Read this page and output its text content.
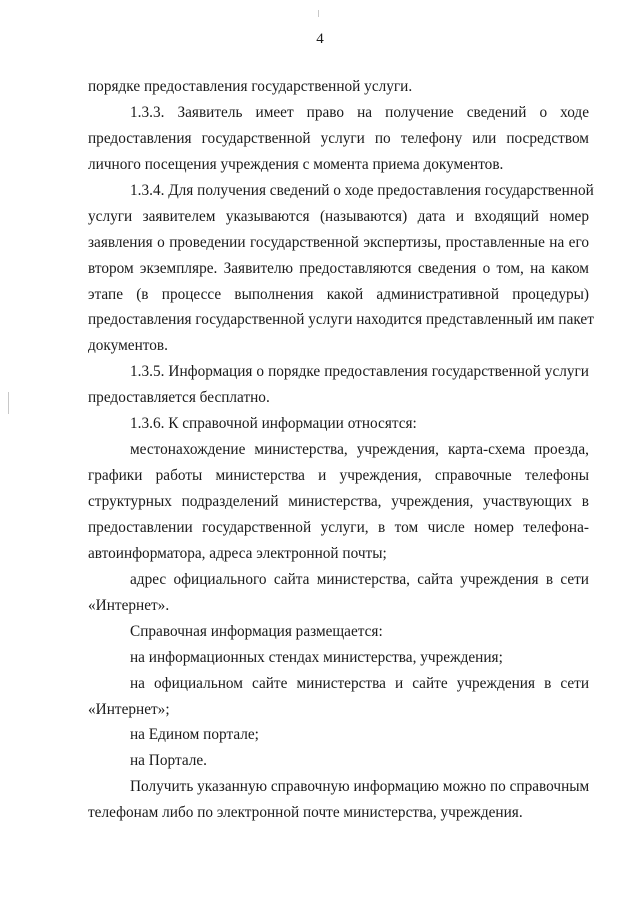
4
порядке предоставления государственной услуги.
1.3.3. Заявитель имеет право на получение сведений о ходе
предоставления государственной услуги по телефону или посредством
личного посещения учреждения с момента приема документов.
1.3.4. Для получения сведений о ходе предоставления государственной
услуги заявителем указываются (называются) дата и входящий номер
заявления о проведении государственной экспертизы, проставленные на его
втором экземпляре. Заявителю предоставляются сведения о том, на каком
этапе (в процессе выполнения какой административной процедуры)
предоставления государственной услуги находится представленный им пакет
документов.
1.3.5. Информация о порядке предоставления государственной услуги
предоставляется бесплатно.
1.3.6. К справочной информации относятся:
местонахождение министерства, учреждения, карта-схема проезда,
графики работы министерства и учреждения, справочные телефоны
структурных подразделений министерства, учреждения, участвующих в
предоставлении государственной услуги, в том числе номер телефона-
автоинформатора, адреса электронной почты;
адрес официального сайта министерства, сайта учреждения в сети
«Интернет».
Справочная информация размещается:
на информационных стендах министерства, учреждения;
на официальном сайте министерства и сайте учреждения в сети
«Интернет»;
на Едином портале;
на Портале.
Получить указанную справочную информацию можно по справочным
телефонам либо по электронной почте министерства, учреждения.
